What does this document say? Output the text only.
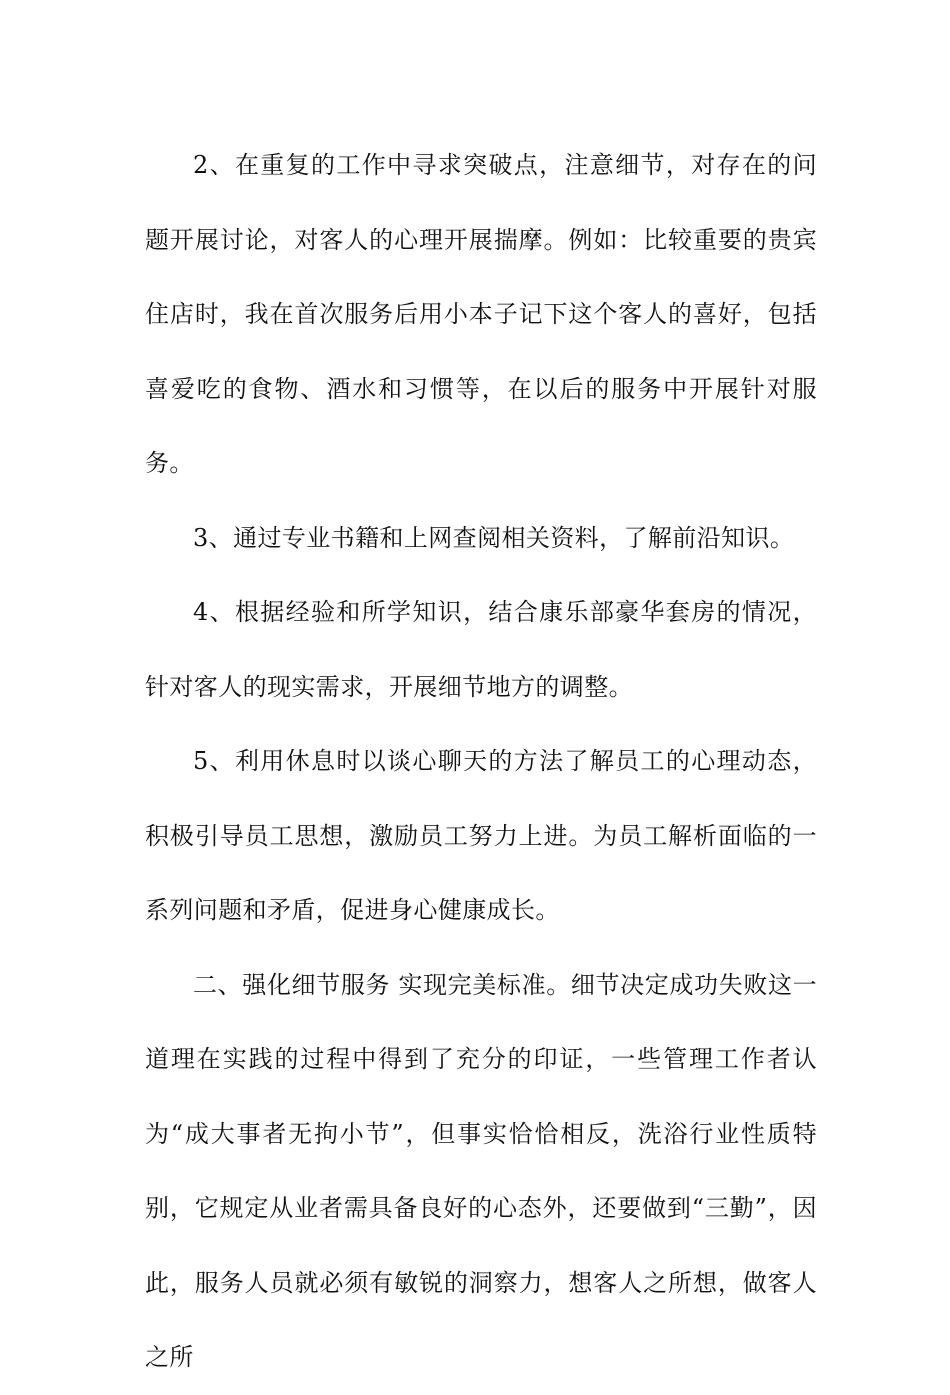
2、在重复的工作中寻求突破点，注意细节，对存在的问题开展讨论，对客人的心理开展揣摩。例如：比较重要的贵宾住店时，我在首次服务后用小本子记下这个客人的喜好，包括喜爱吃的食物、酒水和习惯等，在以后的服务中开展针对服务。

3、通过专业书籍和上网查阅相关资料，了解前沿知识。

4、根据经验和所学知识，结合康乐部豪华套房的情况，针对客人的现实需求，开展细节地方的调整。

5、利用休息时以谈心聊天的方法了解员工的心理动态，积极引导员工思想，激励员工努力上进。为员工解析面临的一系列问题和矛盾，促进身心健康成长。

二、强化细节服务 实现完美标准。细节决定成功失败这一道理在实践的过程中得到了充分的印证，一些管理工作者认为“成大事者无拘小节”，但事实恰恰相反，洗浴行业性质特别，它规定从业者需具备良好的心态外，还要做到“三勤”，因此，服务人员就必须有敏锐的洞察力，想客人之所想，做客人之所
